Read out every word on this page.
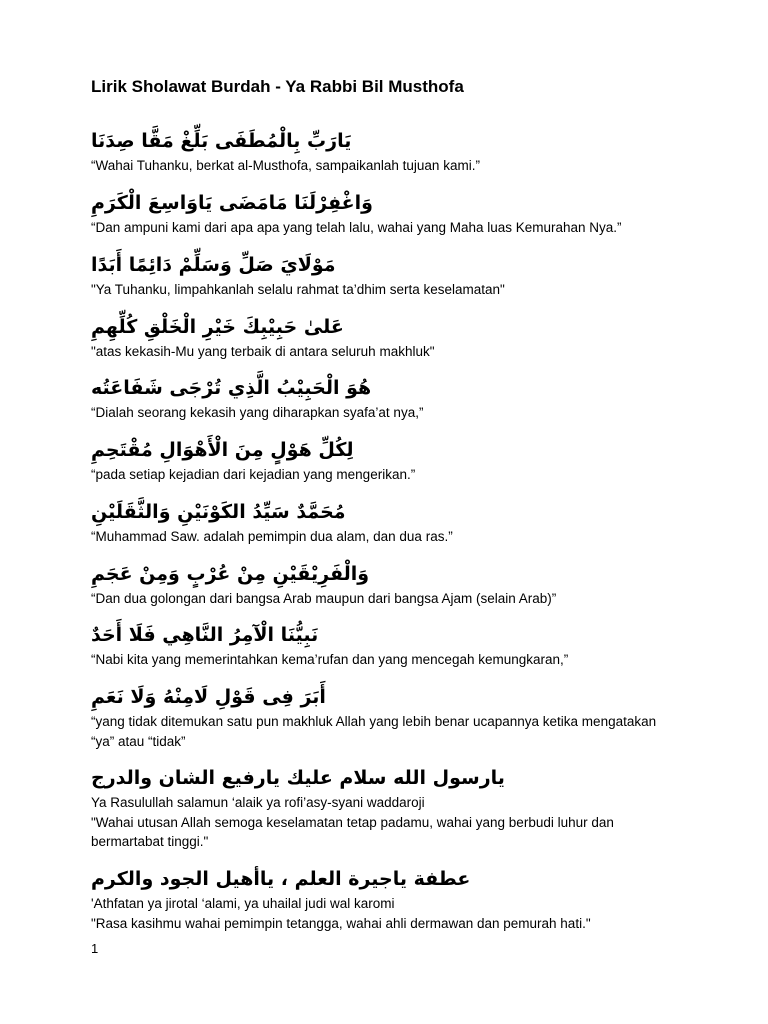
Lirik Sholawat Burdah - Ya Rabbi Bil Musthofa
يَارَبِّ بِالْمُطَفَى بَلِّغْ مَقَّا صِدَنَا
“Wahai Tuhanku, berkat al-Musthofa, sampaikanlah tujuan kami.”
وَاغْفِرْلَنَا مَامَضَى يَاوَاسِعَ الْكَرَمِ
“Dan ampuni kami dari apa apa yang telah lalu, wahai yang Maha luas Kemurahan Nya.”
مَوْلَايَ صَلِّ وَسَلِّمْ دَائِمًا أَبَدًا
"Ya Tuhanku, limpahkanlah selalu rahmat ta’dhim serta keselamatan"
عَلىٰ حَبِيْبِكَ خَيْرِ الْخَلْقِ كُلِّهِمِ
"atas kekasih-Mu yang terbaik di antara seluruh makhluk"
هُوَ الْحَبِيْبُ الَّذِي تُرْجَى شَفَاعَتُه
“Dialah seorang kekasih yang diharapkan syafa’at nya,”
لِكُلِّ هَوْلٍ مِنَ الْأَهْوَالِ مُقْتَحِمِ
“pada setiap kejadian dari kejadian yang mengerikan.”
مُحَمَّدٌ سَيِّدُ الكَوْنَيْنِ وَالثَّقَلَيْنِ
“Muhammad Saw. adalah pemimpin dua alam, dan dua ras.”
وَالْفَرِيْقَيْنِ مِنْ عُرْبٍ وَمِنْ عَجَمِ
“Dan dua golongan dari bangsa Arab maupun dari bangsa Ajam (selain Arab)”
نَبِيُّنَا الْآمِرُ النَّاهِي فَلَا أَحَدٌ
“Nabi kita yang memerintahkan kema’rufan dan yang mencegah kemungkaran,”
أَبَرَ فِى قَوْلِ لَامِنْهُ وَلَا نَعَمِ
“yang tidak ditemukan satu pun makhluk Allah yang lebih benar ucapannya ketika mengatakan
“ya” atau “tidak”
يارسول الله سلام عليك يارفيع الشان والدرج
Ya Rasulullah salamun ‘alaik ya rofi’asy-syani waddaroji
"Wahai utusan Allah semoga keselamatan tetap padamu, wahai yang berbudi luhur dan
bermartabat tinggi."
عطفة ياجيرة العلم ، ياأهيل الجود والكرم
'Athfatan ya jirotal ‘alami, ya uhailal judi wal karomi
"Rasa kasihmu wahai pemimpin tetangga, wahai ahli dermawan dan pemurah hati."
1
